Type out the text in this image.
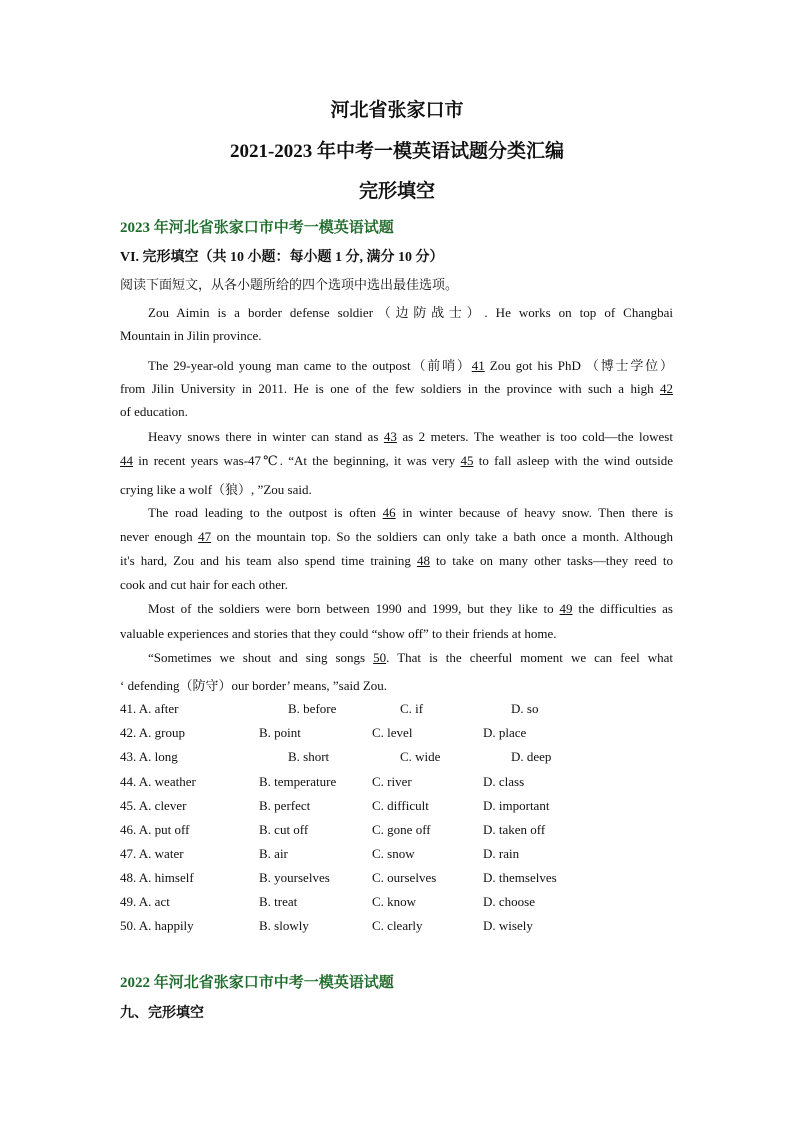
河北省张家口市
2021-2023 年中考一模英语试题分类汇编
完形填空
2023 年河北省张家口市中考一模英语试题
VI. 完形填空（共 10 小题：每小题 1 分, 满分 10 分）
阅读下面短文，从各小题所给的四个选项中选出最佳选项。
Zou Aimin is a border defense soldier（边防战士）. He works on top of Changbai
Mountain in Jilin province.
The 29-year-old young man came to the outpost（前哨）41 Zou got his PhD （博士学位）
from Jilin University in 2011. He is one of the few soldiers in the province with such a high 42
of education.
Heavy snows there in winter can stand as 43 as 2 meters. The weather is too cold—the lowest
44 in recent years was-47℃. “At the beginning, it was very 45 to fall asleep with the wind outside
crying like a wolf（狼）, ”Zou said.
The road leading to the outpost is often 46 in winter because of heavy snow. Then there is
never enough 47 on the mountain top. So the soldiers can only take a bath once a month. Although
it's hard, Zou and his team also spend time training 48 to take on many other tasks—they reed to
cook and cut hair for each other.
Most of the soldiers were born between 1990 and 1999, but they like to 49 the difficulties as
valuable experiences and stories that they could “show off” to their friends at home.
“Sometimes we shout and sing songs 50. That is the cheerful moment we can feel what
‘ defending（防守）our border’ means, ”said Zou.
41. A. after	B. before	C. if	D. so
42. A. group	B. point	C. level	D. place
43. A. long	B. short	C. wide	D. deep
44. A. weather	B. temperature	C. river	D. class
45. A. clever	B. perfect	C. difficult	D. important
46. A. put off	B. cut off	C. gone off	D. taken off
47. A. water	B. air	C. snow	D. rain
48. A. himself	B. yourselves	C. ourselves	D. themselves
49. A. act	B. treat	C. know	D. choose
50. A. happily	B. slowly	C. clearly	D. wisely
2022 年河北省张家口市中考一模英语试题
九、完形填空
